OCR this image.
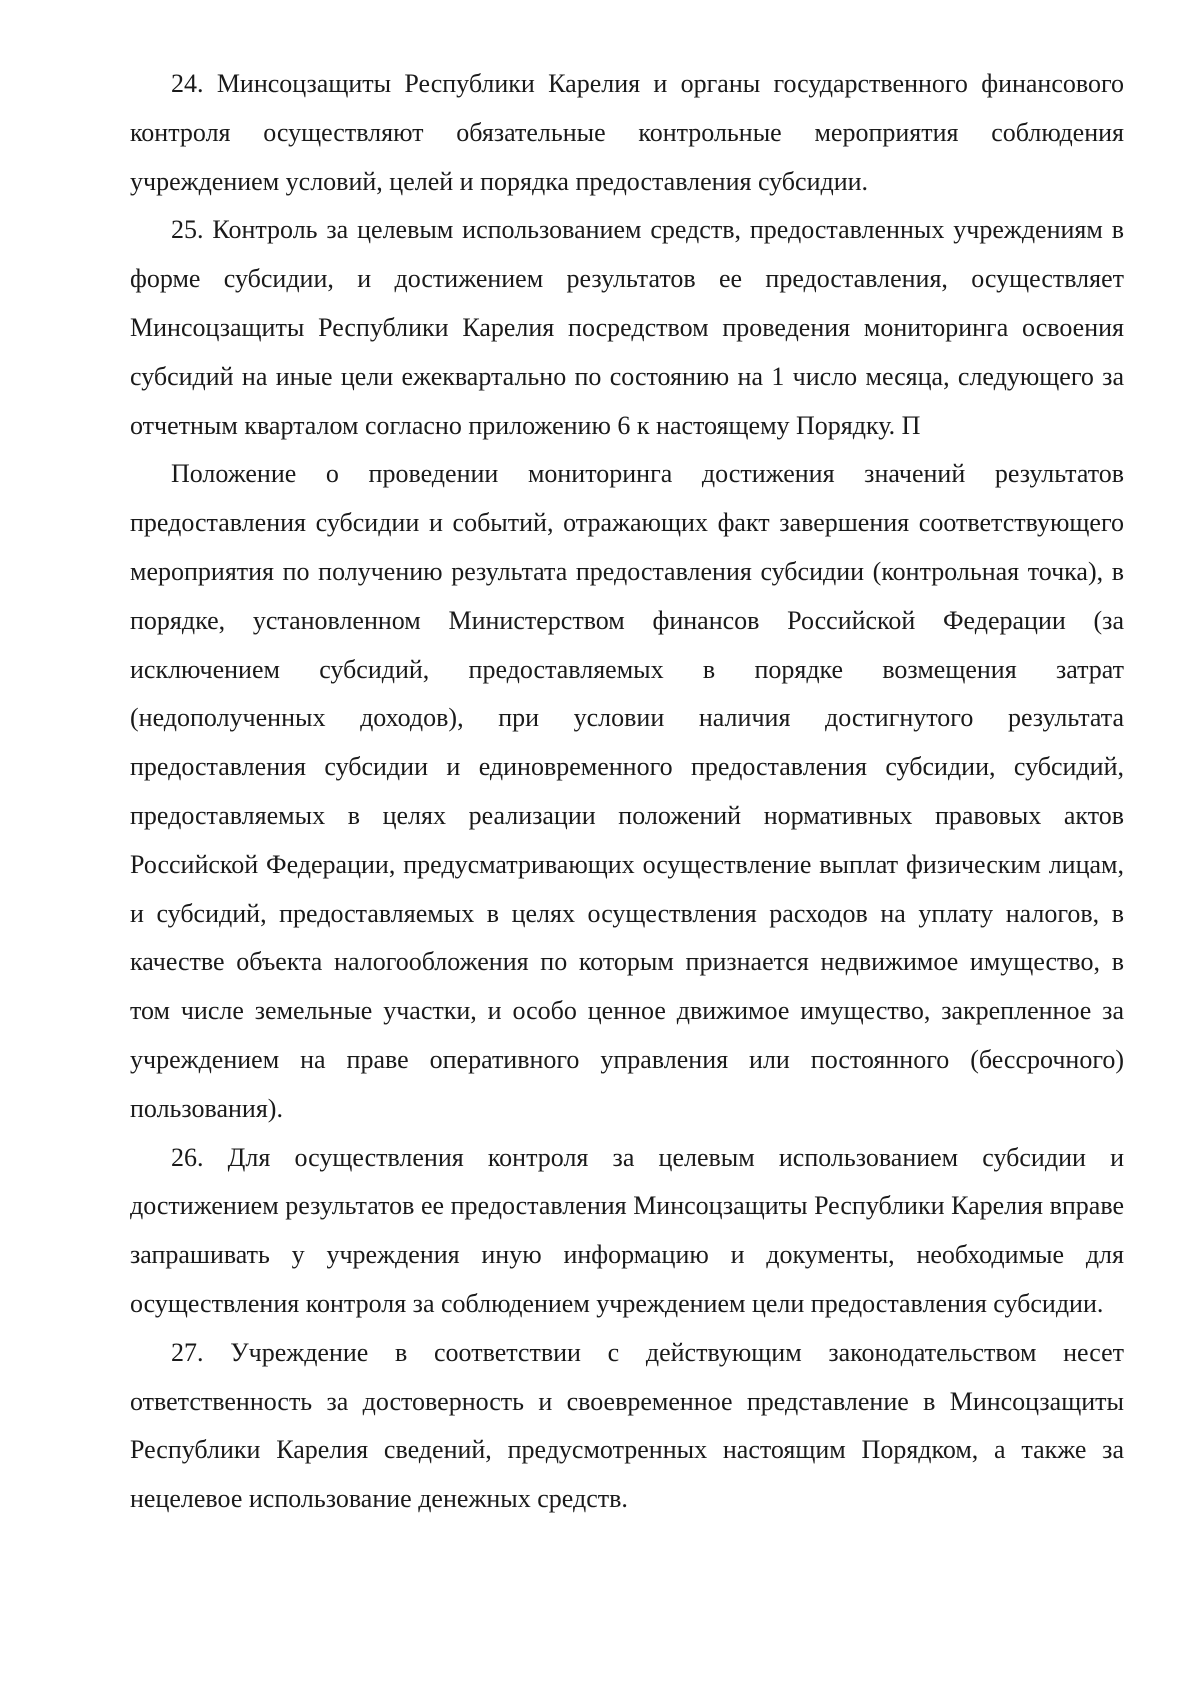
24. Минсоцзащиты Республики Карелия и органы государственного финансового контроля осуществляют обязательные контрольные мероприятия соблюдения учреждением условий, целей и порядка предоставления субсидии.

25. Контроль за целевым использованием средств, предоставленных учреждениям в форме субсидии, и достижением результатов ее предоставления, осуществляет Минсоцзащиты Республики Карелия посредством проведения мониторинга освоения субсидий на иные цели ежеквартально по состоянию на 1 число месяца, следующего за отчетным кварталом согласно приложению 6 к настоящему Порядку. П

Положение о проведении мониторинга достижения значений результатов предоставления субсидии и событий, отражающих факт завершения соответствующего мероприятия по получению результата предоставления субсидии (контрольная точка), в порядке, установленном Министерством финансов Российской Федерации (за исключением субсидий, предоставляемых в порядке возмещения затрат (недополученных доходов), при условии наличия достигнутого результата предоставления субсидии и единовременного предоставления субсидии, субсидий, предоставляемых в целях реализации положений нормативных правовых актов Российской Федерации, предусматривающих осуществление выплат физическим лицам, и субсидий, предоставляемых в целях осуществления расходов на уплату налогов, в качестве объекта налогообложения по которым признается недвижимое имущество, в том числе земельные участки, и особо ценное движимое имущество, закрепленное за учреждением на праве оперативного управления или постоянного (бессрочного) пользования).

26. Для осуществления контроля за целевым использованием субсидии и достижением результатов ее предоставления Минсоцзащиты Республики Карелия вправе запрашивать у учреждения иную информацию и документы, необходимые для осуществления контроля за соблюдением учреждением цели предоставления субсидии.

27. Учреждение в соответствии с действующим законодательством несет ответственность за достоверность и своевременное представление в Минсоцзащиты Республики Карелия сведений, предусмотренных настоящим Порядком, а также за нецелевое использование денежных средств.
